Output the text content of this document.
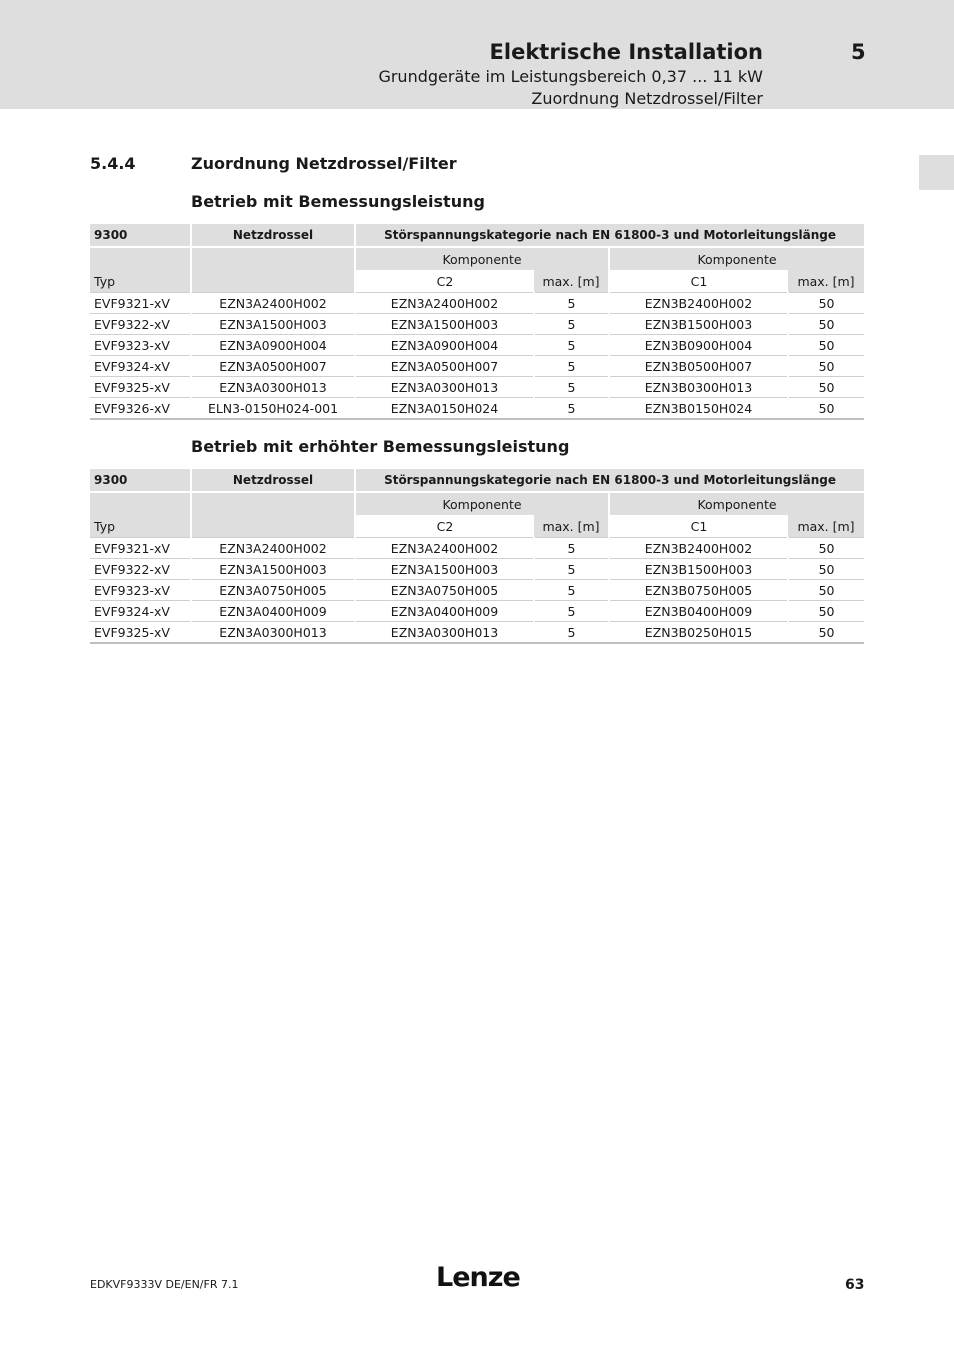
Elektrische Installation	5
Grundgeräte im Leistungsbereich 0,37 ... 11 kW
Zuordnung Netzdrossel/Filter
5.4.4	Zuordnung Netzdrossel/Filter
Betrieb mit Bemessungsleistung
9300	Netzdrossel	Störspannungskategorie nach EN 61800-3 und Motorleitungslänge			
		Komponente		Komponente	
Typ		C2	max. [m]	C1	max. [m]
EVF9321-xV	EZN3A2400H002	EZN3A2400H002	5	EZN3B2400H002	50
EVF9322-xV	EZN3A1500H003	EZN3A1500H003	5	EZN3B1500H003	50
EVF9323-xV	EZN3A0900H004	EZN3A0900H004	5	EZN3B0900H004	50
EVF9324-xV	EZN3A0500H007	EZN3A0500H007	5	EZN3B0500H007	50
EVF9325-xV	EZN3A0300H013	EZN3A0300H013	5	EZN3B0300H013	50
EVF9326-xV	ELN3-0150H024-001	EZN3A0150H024	5	EZN3B0150H024	50
Betrieb mit erhöhter Bemessungsleistung
9300	Netzdrossel	Störspannungskategorie nach EN 61800-3 und Motorleitungslänge			
		Komponente		Komponente	
Typ		C2	max. [m]	C1	max. [m]
EVF9321-xV	EZN3A2400H002	EZN3A2400H002	5	EZN3B2400H002	50
EVF9322-xV	EZN3A1500H003	EZN3A1500H003	5	EZN3B1500H003	50
EVF9323-xV	EZN3A0750H005	EZN3A0750H005	5	EZN3B0750H005	50
EVF9324-xV	EZN3A0400H009	EZN3A0400H009	5	EZN3B0400H009	50
EVF9325-xV	EZN3A0300H013	EZN3A0300H013	5	EZN3B0250H015	50
EDKVF9333V DE/EN/FR 7.1	Lenze	63
